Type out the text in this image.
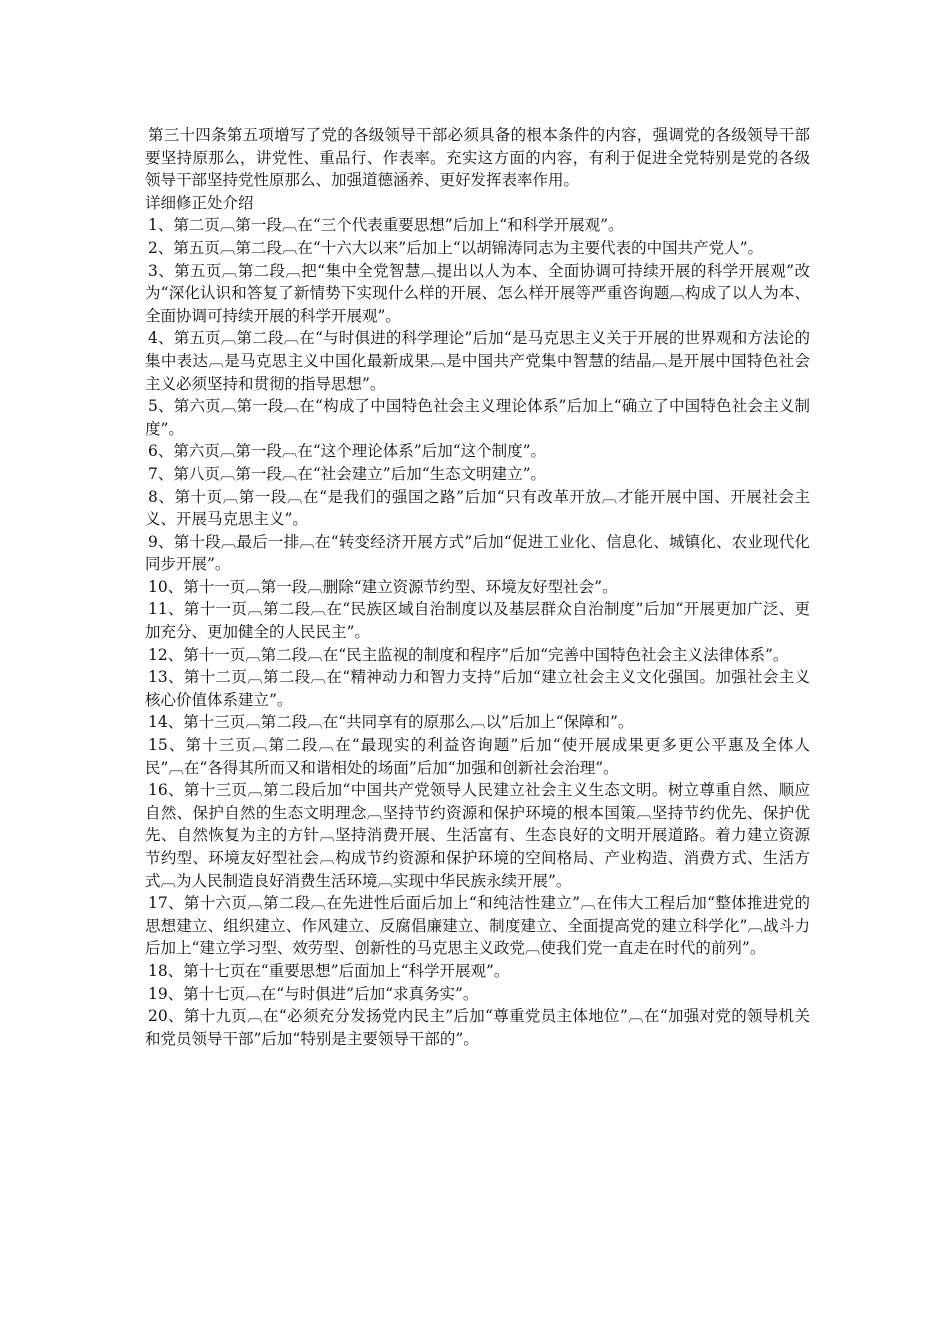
第三十四条第五项增写了党的各级领导干部必须具备的根本条件的内容，强调党的各级领导干部要坚持原那么，讲党性、重品行、作表率。充实这方面的内容，有利于促进全党特别是党的各级领导干部坚持党性原那么、加强道德涵养、更好发挥表率作用。

详细修正处介绍

1、第二页︹第一段︹在“三个代表重要思想”后加上“和科学开展观”。

2、第五页︹第二段︹在“十六大以来”后加上“以胡锦涛同志为主要代表的中国共产党人”。

3、第五页︹第二段︹把“集中全党智慧︹提出以人为本、全面协调可持续开展的科学开展观”改为“深化认识和答复了新情势下实现什么样的开展、怎么样开展等严重咨询题︹构成了以人为本、全面协调可持续开展的科学开展观”。

4、第五页︹第二段︹在“与时俱进的科学理论”后加“是马克思主义关于开展的世界观和方法论的集中表达︹是马克思主义中国化最新成果︹是中国共产党集中智慧的结晶︹是开展中国特色社会主义必须坚持和贯彻的指导思想”。

5、第六页︹第一段︹在“构成了中国特色社会主义理论体系”后加上“确立了中国特色社会主义制度”。

6、第六页︹第一段︹在“这个理论体系”后加“这个制度”。

7、第八页︹第一段︹在“社会建立”后加“生态文明建立”。

8、第十页︹第一段︹在“是我们的强国之路”后加“只有改革开放︹才能开展中国、开展社会主义、开展马克思主义”。

9、第十段︹最后一排︹在“转变经济开展方式”后加“促进工业化、信息化、城镇化、农业现代化同步开展”。

10、第十一页︹第一段︹删除“建立资源节约型、环境友好型社会”。

11、第十一页︹第二段︹在“民族区域自治制度以及基层群众自治制度”后加“开展更加广泛、更加充分、更加健全的人民民主”。

12、第十一页︹第二段︹在“民主监视的制度和程序”后加“完善中国特色社会主义法律体系”。

13、第十二页︹第二段︹在“精神动力和智力支持”后加“建立社会主义文化强国。加强社会主义核心价值体系建立”。

14、第十三页︹第二段︹在“共同享有的原那么︹以”后加上“保障和”。

15、第十三页︹第二段︹在“最现实的利益咨询题”后加“使开展成果更多更公平惠及全体人民”︹在“各得其所而又和谐相处的场面”后加“加强和创新社会治理”。

16、第十三页︹第二段后加“中国共产党领导人民建立社会主义生态文明。树立尊重自然、顺应自然、保护自然的生态文明理念︹坚持节约资源和保护环境的根本国策︹坚持节约优先、保护优先、自然恢复为主的方针︹坚持消费开展、生活富有、生态良好的文明开展道路。着力建立资源节约型、环境友好型社会︹构成节约资源和保护环境的空间格局、产业构造、消费方式、生活方式︹为人民制造良好消费生活环境︹实现中华民族永续开展”。

17、第十六页︹第二段︹在先进性后面后加上“和纯洁性建立”︹在伟大工程后加“整体推进党的思想建立、组织建立、作风建立、反腐倡廉建立、制度建立、全面提高党的建立科学化”︹战斗力后加上“建立学习型、效劳型、创新性的马克思主义政党︹使我们党一直走在时代的前列”。

18、第十七页在“重要思想”后面加上“科学开展观”。

19、第十七页︹在“与时俱进”后加“求真务实”。

20、第十九页︹在“必须充分发扬党内民主”后加“尊重党员主体地位”︹在“加强对党的领导机关和党员领导干部”后加“特别是主要领导干部的”。
